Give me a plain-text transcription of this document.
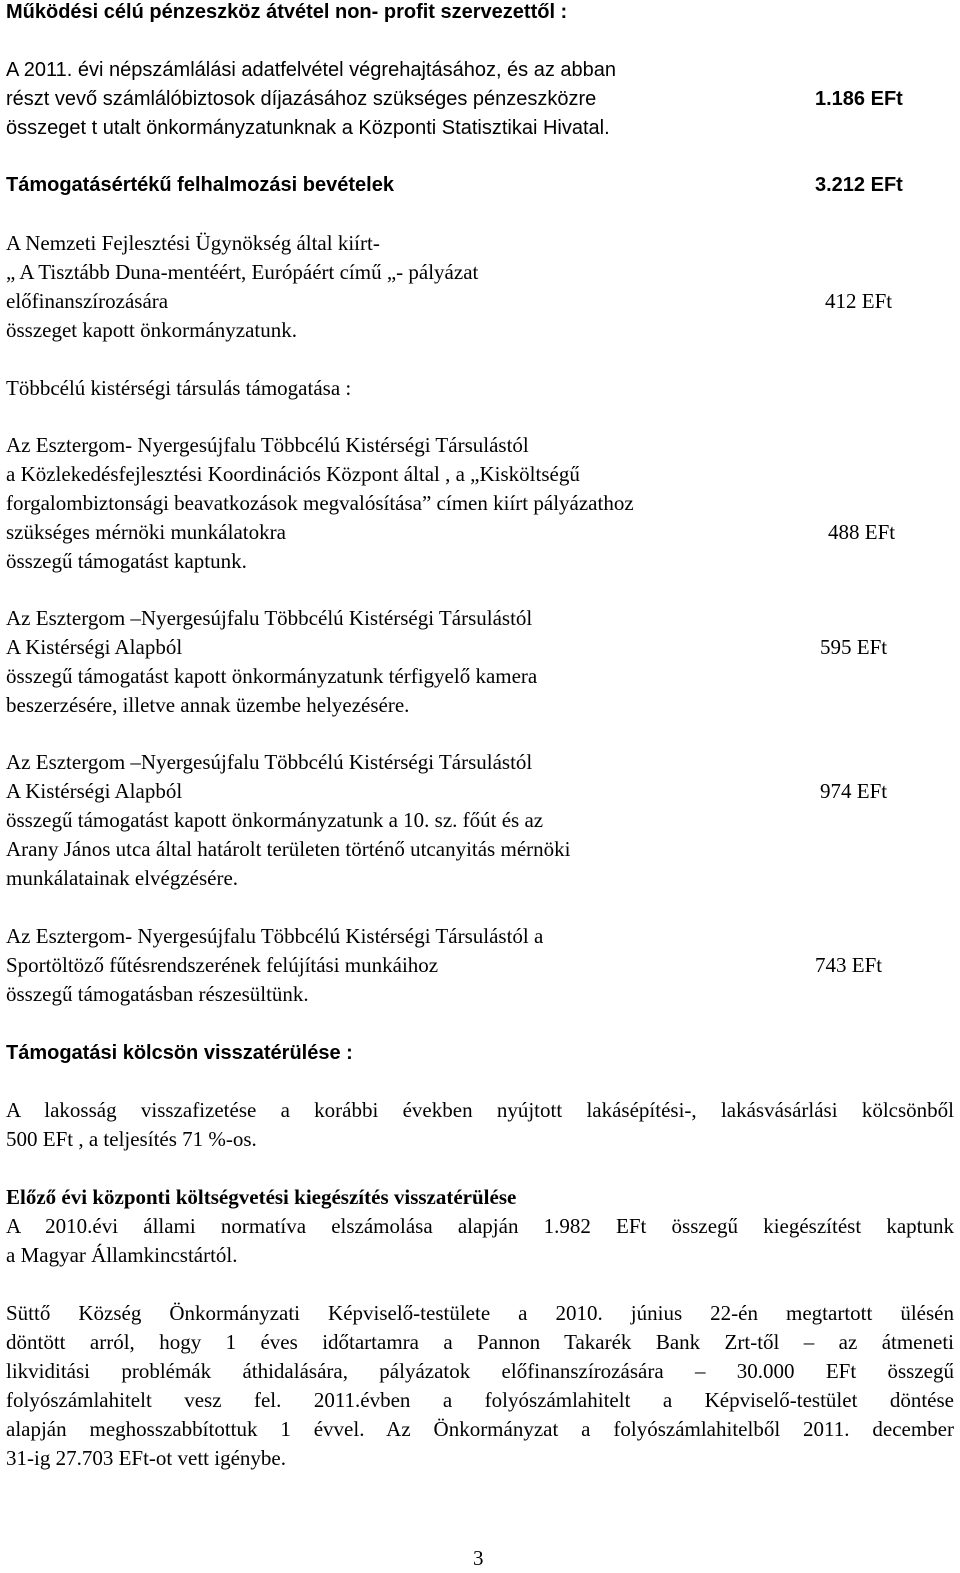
Működési célú pénzeszköz átvétel non- profit szervezettől :
A 2011. évi népszámlálási adatfelvétel végrehajtásához, és az abban
részt vevő számlálóbiztosok díjazásához szükséges pénzeszközre
összeget t utalt önkormányzatunknak a Központi Statisztikai Hivatal.
1.186 EFt
Támogatásértékű felhalmozási bevételek	3.212 EFt
A Nemzeti Fejlesztési Ügynökség által kiírt-
„ A Tisztább Duna-mentéért, Európáért című „- pályázat
előfinanszírozására
összeget kapott önkormányzatunk.
412 EFt
Többcélú kistérségi társulás támogatása :
Az Esztergom- Nyergesújfalu Többcélú Kistérségi Társulástól
a Közlekedésfejlesztési Koordinációs Központ által , a „Kisköltségű
forgalombiztonsági beavatkozások megvalósítása” címen kiírt pályázathoz
szükséges mérnöki munkálatokra
összegű támogatást kaptunk.
488 EFt
Az Esztergom –Nyergesújfalu Többcélú Kistérségi Társulástól
A Kistérségi Alapból
összegű támogatást kapott önkormányzatunk térfigyelő kamera
beszerzésére, illetve annak üzembe helyezésére.
595 EFt
Az Esztergom –Nyergesújfalu Többcélú Kistérségi Társulástól
A Kistérségi Alapból
összegű támogatást kapott önkormányzatunk a 10. sz. főút és az
Arany János utca által határolt területen történő utcanyitás mérnöki
munkálatainak elvégzésére.
974 EFt
Az Esztergom- Nyergesújfalu Többcélú Kistérségi Társulástól a
Sportöltöző fűtésrendszerének felújítási munkáihoz
összegű támogatásban részesültünk.
743 EFt
Támogatási kölcsön visszatérülése :
A lakosság visszafizetése a korábbi években nyújtott lakásépítési-, lakásvásárlási kölcsönből
500 EFt , a teljesítés 71 %-os.
Előző évi központi költségvetési kiegészítés visszatérülése
A 2010.évi állami normatíva elszámolása alapján 1.982 EFt összegű kiegészítést kaptunk
a Magyar Államkincstártól.
Süttő Község Önkormányzati Képviselő-testülete a 2010. június 22-én megtartott ülésén
döntött arról, hogy 1 éves időtartamra a Pannon Takarék Bank Zrt-től – az átmeneti
likviditási problémák áthidalására, pályázatok előfinanszírozására – 30.000 EFt összegű
folyószámlahitelt vesz fel. 2011.évben a folyószámlahitelt a Képviselő-testület döntése
alapján meghosszabbítottuk 1 évvel. Az Önkormányzat a folyószámlahitelből 2011. december
31-ig 27.703 EFt-ot vett igénybe.
3
